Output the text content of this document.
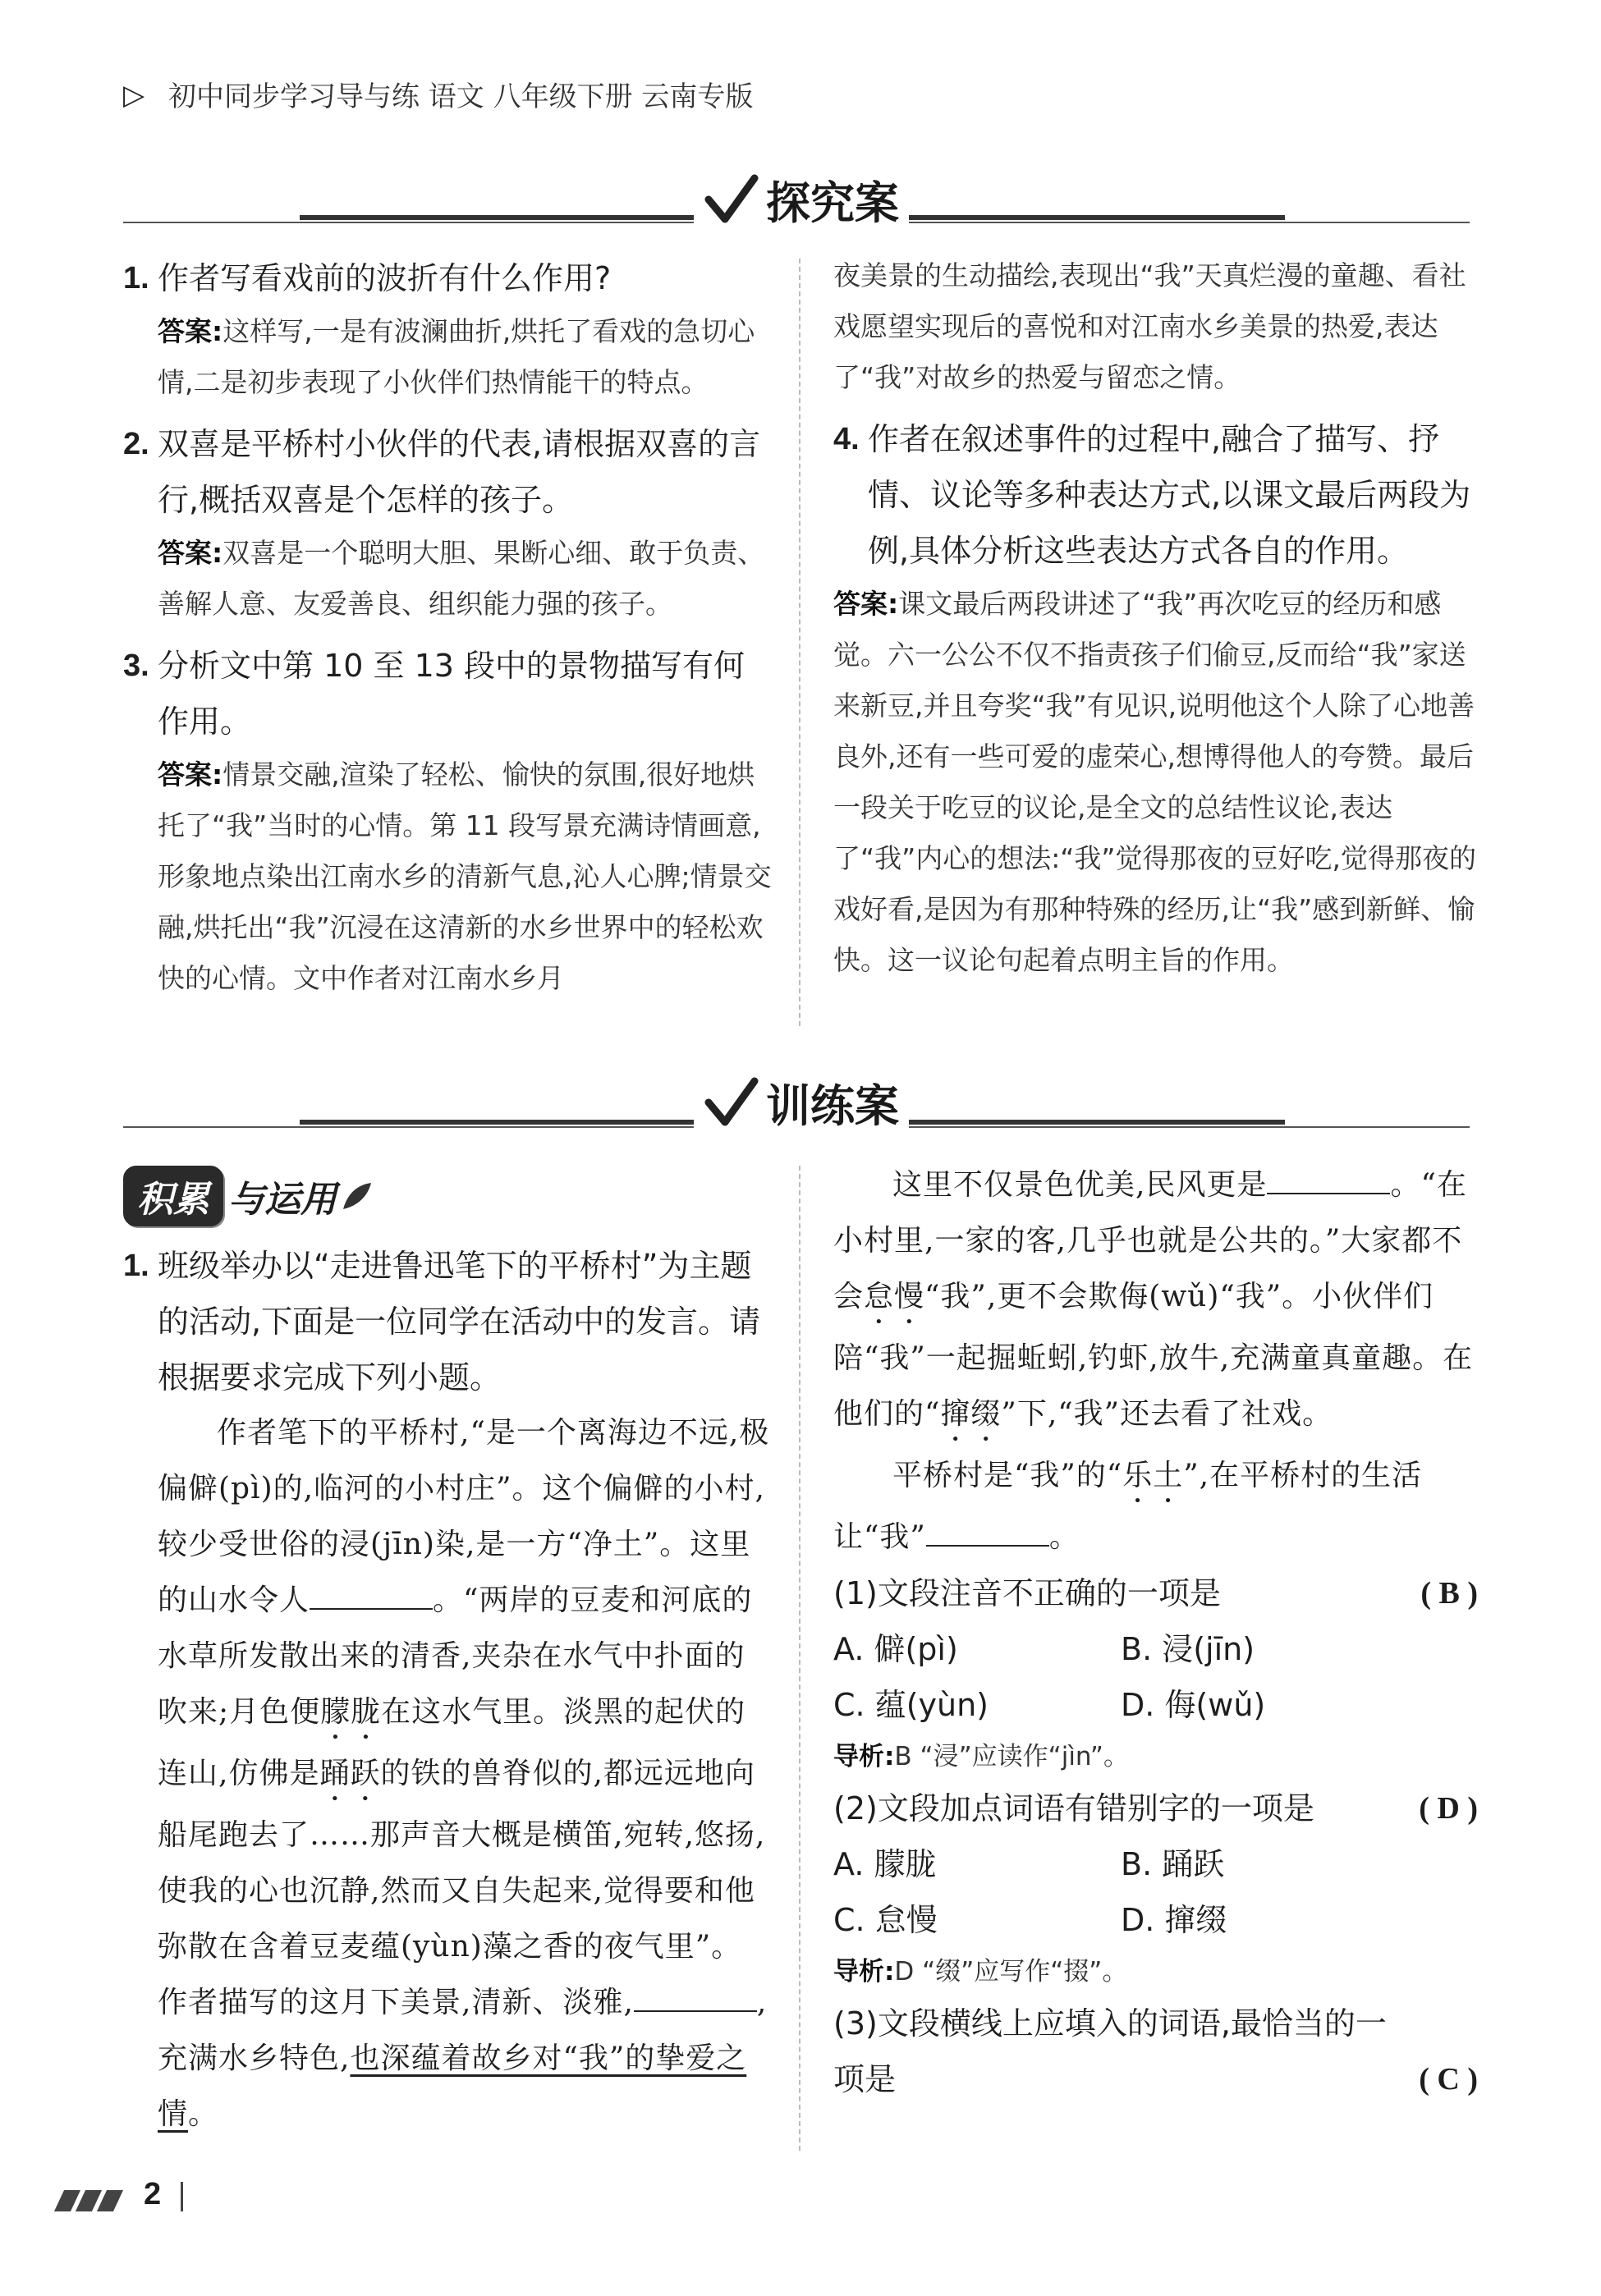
▷ 初中同步学习导与练 语文 八年级下册 云南专版
探究案
1. 作者写看戏前的波折有什么作用?
答案:这样写,一是有波澜曲折,烘托了看戏的急切心情,二是初步表现了小伙伴们热情能干的特点。
2. 双喜是平桥村小伙伴的代表,请根据双喜的言行,概括双喜是个怎样的孩子。
答案:双喜是一个聪明大胆、果断心细、敢于负责、善解人意、友爱善良、组织能力强的孩子。
3. 分析文中第 10 至 13 段中的景物描写有何作用。
答案:情景交融,渲染了轻松、愉快的氛围,很好地烘托了“我”当时的心情。第 11 段写景充满诗情画意,形象地点染出江南水乡的清新气息,沁人心脾;情景交融,烘托出“我”沉浸在这清新的水乡世界中的轻松欢快的心情。文中作者对江南水乡月
夜美景的生动描绘,表现出“我”天真烂漫的童趣、看社戏愿望实现后的喜悦和对江南水乡美景的热爱,表达了“我”对故乡的热爱与留恋之情。
4. 作者在叙述事件的过程中,融合了描写、抒情、议论等多种表达方式,以课文最后两段为例,具体分析这些表达方式各自的作用。
答案:课文最后两段讲述了“我”再次吃豆的经历和感觉。六一公公不仅不指责孩子们偷豆,反而给“我”家送来新豆,并且夸奖“我”有见识,说明他这个人除了心地善良外,还有一些可爱的虚荣心,想博得他人的夸赞。最后一段关于吃豆的议论,是全文的总结性议论,表达了“我”内心的想法:“我”觉得那夜的豆好吃,觉得那夜的戏好看,是因为有那种特殊的经历,让“我”感到新鲜、愉快。这一议论句起着点明主旨的作用。
训练案
积累 与运用
1. 班级举办以“走进鲁迅笔下的平桥村”为主题的活动,下面是一位同学在活动中的发言。请根据要求完成下列小题。
作者笔下的平桥村,“是一个离海边不远,极偏僻(pì)的,临河的小村庄”。这个偏僻的小村,较少受世俗的浸(jīn)染,是一方“净土”。这里的山水令人	。“两岸的豆麦和河底的水草所发散出来的清香,夹杂在水气中扑面的吹来;月色便朦胧在这水气里。淡黑的起伏的连山,仿佛是踊跃的铁的兽脊似的,都远远地向船尾跑去了……那声音大概是横笛,宛转,悠扬,使我的心也沉静,然而又自失起来,觉得要和他弥散在含着豆麦蕴(yùn)藻之香的夜气里”。作者描写的这月下美景,清新、淡雅,	,充满水乡特色,也深蕴着故乡对“我”的挚爱之情。
这里不仅景色优美,民风更是	。“在小村里,一家的客,几乎也就是公共的。”大家都不会怠慢“我”,更不会欺侮(wǔ)“我”。小伙伴们陪“我”一起掘蚯蚓,钓虾,放牛,充满童真童趣。在他们的“撺缀”下,“我”还去看了社戏。
平桥村是“我”的“乐土”,在平桥村的生活让“我”	。
(1)文段注音不正确的一项是	( B )
A. 僻(pì)	B. 浸(jīn)
C. 蕴(yùn)	D. 侮(wǔ)
导析:B “浸”应读作“jìn”。
(2)文段加点词语有错别字的一项是	( D )
A. 朦胧	B. 踊跃
C. 怠慢	D. 撺缀
导析:D “缀”应写作“掇”。
(3)文段横线上应填入的词语,最恰当的一
项是	( C )
2
